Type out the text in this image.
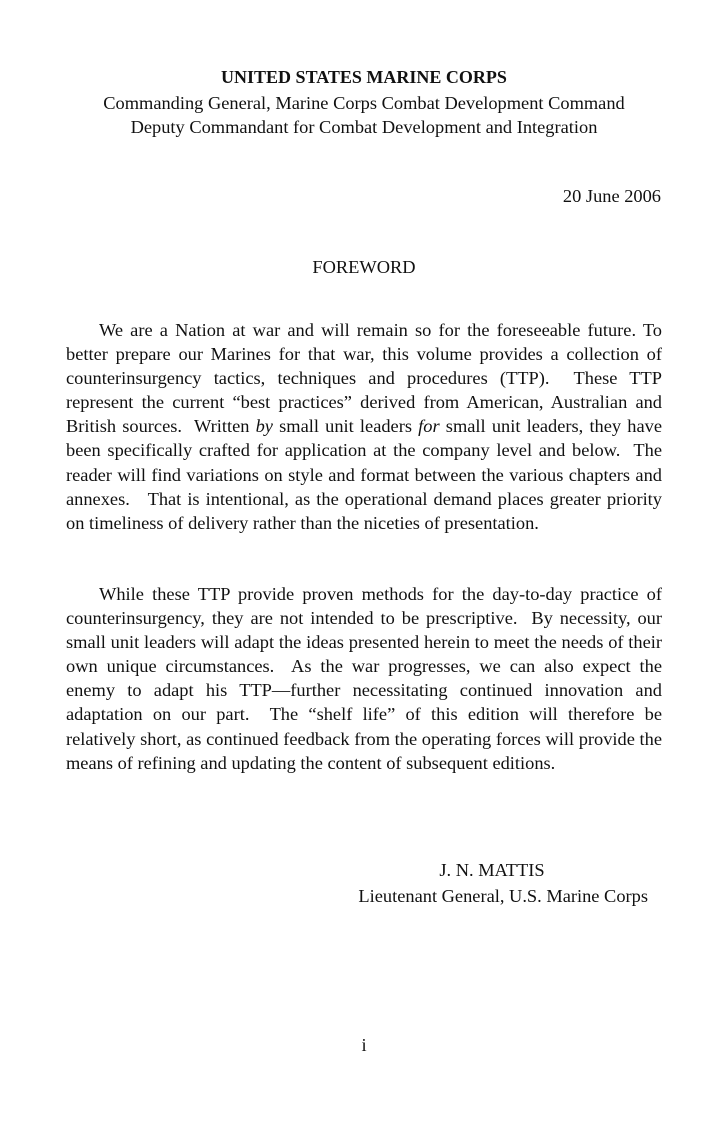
UNITED STATES MARINE CORPS
Commanding General, Marine Corps Combat Development Command
Deputy Commandant for Combat Development and Integration
20 June 2006
FOREWORD

We are a Nation at war and will remain so for the foreseeable future. To better prepare our Marines for that war, this volume provides a collection of counterinsurgency tactics, techniques and procedures (TTP).  These TTP represent the current “best practices” derived from American, Australian and British sources.  Written by small unit leaders for small unit leaders, they have been specifically crafted for application at the company level and below.  The reader will find variations on style and format between the various chapters and annexes.   That is intentional, as the operational demand places greater priority on timeliness of delivery rather than the niceties of presentation.

While these TTP provide proven methods for the day-to-day practice of counterinsurgency, they are not intended to be prescriptive.  By necessity, our small unit leaders will adapt the ideas presented herein to meet the needs of their own unique circumstances.  As the war progresses, we can also expect the enemy to adapt his TTP—further necessitating continued innovation and adaptation on our part.  The “shelf life” of this edition will therefore be relatively short, as continued feedback from the operating forces will provide the means of refining and updating the content of subsequent editions.

J. N. MATTIS
Lieutenant General, U.S. Marine Corps
i
